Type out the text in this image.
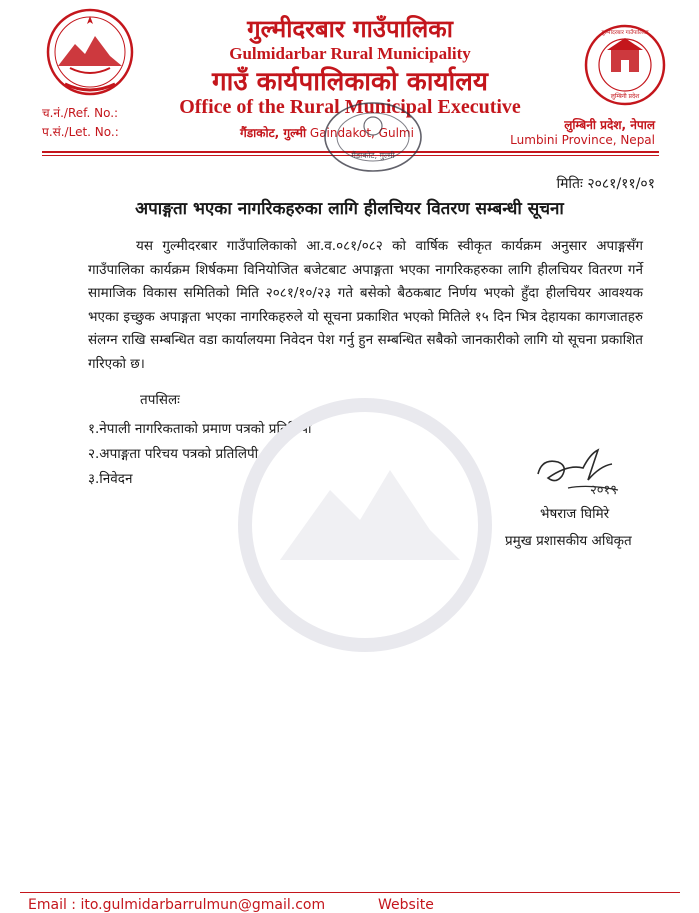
लुम्बिनी प्रदेश
गुल्मीदरबार गाउँपालिका
गुल्मीदरबार गाउँपालिका
Gulmidarbar Rural Municipality
गाउँ कार्यपालिकाको कार्यालय
Office of the Rural Municipal Executive
गैंडाकोट, गुल्मी Gaindakot, Gulmi
च.नं./Ref. No.:
प.सं./Let. No.:	लुम्बिनी प्रदेश, नेपाल
Lumbini Province, Nepal
गैंडाकोट, गुल्मी
मितिः २०८१/११/०१
अपाङ्गता भएका नागरिकहरुका लागि हीलचियर वितरण सम्बन्धी सूचना
यस गुल्मीदरबार गाउँपालिकाको आ.व.०८१/०८२ को वार्षिक स्वीकृत कार्यक्रम अनुसार अपाङ्गसँग गाउँपालिका कार्यक्रम शिर्षकमा विनियोजित बजेटबाट अपाङ्गता भएका नागरिकहरुका लागि हीलचियर वितरण गर्ने सामाजिक विकास समितिको मिति २०८१/१०/२३ गते बसेको बैठकबाट निर्णय भएको हुँदा हीलचियर आवश्यक भएका इच्छुक अपाङ्गता भएका नागरिकहरुले यो सूचना प्रकाशित भएको मितिले १५ दिन भित्र देहायका कागजातहरु संलग्न राखि सम्बन्धित वडा कार्यालयमा निवेदन पेश गर्नु हुन सम्बन्धित सबैको जानकारीको लागि यो सूचना प्रकाशित गरिएको छ।
तपसिलः
१.नेपाली नागरिकताको प्रमाण पत्रको प्रतिलिपी
२.अपाङ्गता परिचय पत्रको प्रतिलिपी
३.निवेदन
२०१९
भेषराज घिमिरे
प्रमुख प्रशासकीय अधिकृत
Email : ito.gulmidarbarrulmun@gmail.com	Website
